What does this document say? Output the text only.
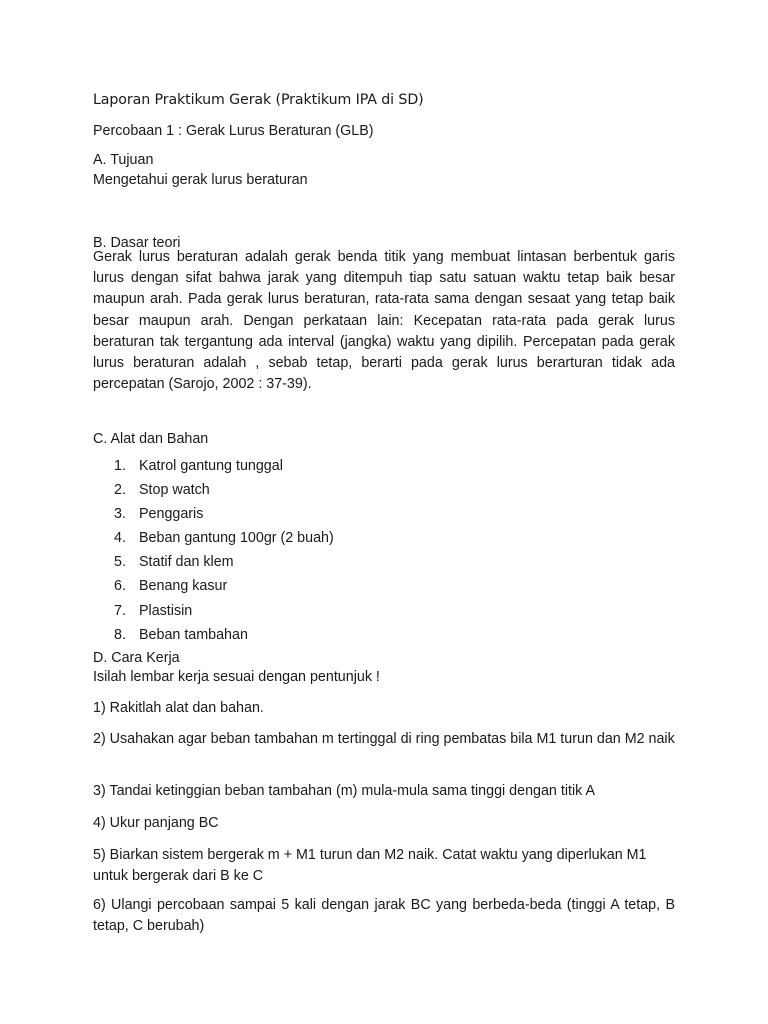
Laporan Praktikum Gerak (Praktikum IPA di SD)

Percobaan 1 : Gerak Lurus Beraturan (GLB)

A. Tujuan

Mengetahui gerak lurus beraturan

B. Dasar teori

Gerak lurus beraturan adalah gerak benda titik yang membuat lintasan berbentuk garis lurus dengan sifat bahwa jarak yang ditempuh tiap satu satuan waktu tetap baik besar maupun arah. Pada gerak lurus beraturan, rata-rata sama dengan sesaat yang tetap baik besar maupun arah. Dengan perkataan lain: Kecepatan rata-rata pada gerak lurus beraturan tak tergantung ada interval (jangka) waktu yang dipilih. Percepatan pada gerak lurus beraturan adalah , sebab tetap, berarti pada gerak lurus berarturan tidak ada percepatan (Sarojo, 2002 : 37-39).

C. Alat dan Bahan

1. Katrol gantung tunggal
2. Stop watch
3. Penggaris
4. Beban gantung 100gr (2 buah)
5. Statif dan klem
6. Benang kasur
7. Plastisin
8. Beban tambahan

D. Cara Kerja

Isilah lembar kerja sesuai dengan pentunjuk !

1) Rakitlah alat dan bahan.

2) Usahakan agar beban tambahan m tertinggal di ring pembatas bila M1 turun dan M2 naik

3) Tandai ketinggian beban tambahan (m) mula-mula sama tinggi dengan titik A

4) Ukur panjang BC

5) Biarkan sistem bergerak m + M1 turun dan M2 naik. Catat waktu yang diperlukan M1 untuk bergerak dari B ke C

6) Ulangi percobaan sampai 5 kali dengan jarak BC yang berbeda-beda (tinggi A tetap, B tetap, C berubah)
